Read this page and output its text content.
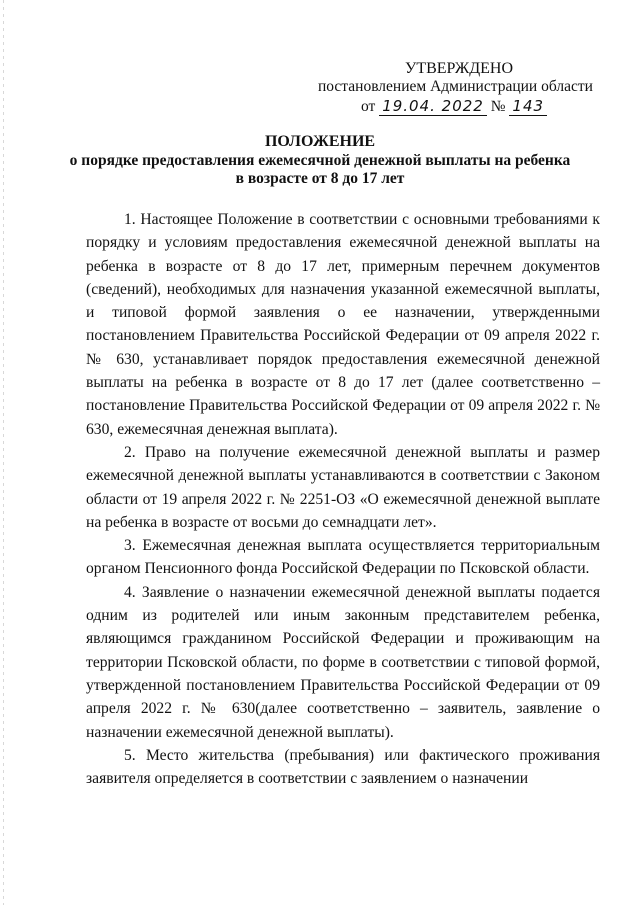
УТВЕРЖДЕНО
постановлением Администрации области
от 19.04. 2022 № 143
ПОЛОЖЕНИЕ
о порядке предоставления ежемесячной денежной выплаты на ребенка
в возрасте от 8 до 17 лет

1. Настоящее Положение в соответствии с основными требованиями к порядку и условиям предоставления ежемесячной денежной выплаты на ребенка в возрасте от 8 до 17 лет, примерным перечнем документов (сведений), необходимых для назначения указанной ежемесячной выплаты, и типовой формой заявления о ее назначении, утвержденными постановлением Правительства Российской Федерации от 09 апреля 2022 г. № 630, устанавливает порядок предоставления ежемесячной денежной выплаты на ребенка в возрасте от 8 до 17 лет (далее соответственно – постановление Правительства Российской Федерации от 09 апреля 2022 г. № 630, ежемесячная денежная выплата).

2. Право на получение ежемесячной денежной выплаты и размер ежемесячной денежной выплаты устанавливаются в соответствии с Законом области от 19 апреля 2022 г. № 2251-ОЗ «О ежемесячной денежной выплате на ребенка в возрасте от восьми до семнадцати лет».

3. Ежемесячная денежная выплата осуществляется территориальным органом Пенсионного фонда Российской Федерации по Псковской области.

4. Заявление о назначении ежемесячной денежной выплаты подается одним из родителей или иным законным представителем ребенка, являющимся гражданином Российской Федерации и проживающим на территории Псковской области, по форме в соответствии с типовой формой, утвержденной постановлением Правительства Российской Федерации от 09 апреля 2022 г. № 630(далее соответственно – заявитель, заявление о назначении ежемесячной денежной выплаты).

5. Место жительства (пребывания) или фактического проживания заявителя определяется в соответствии с заявлением о назначении
